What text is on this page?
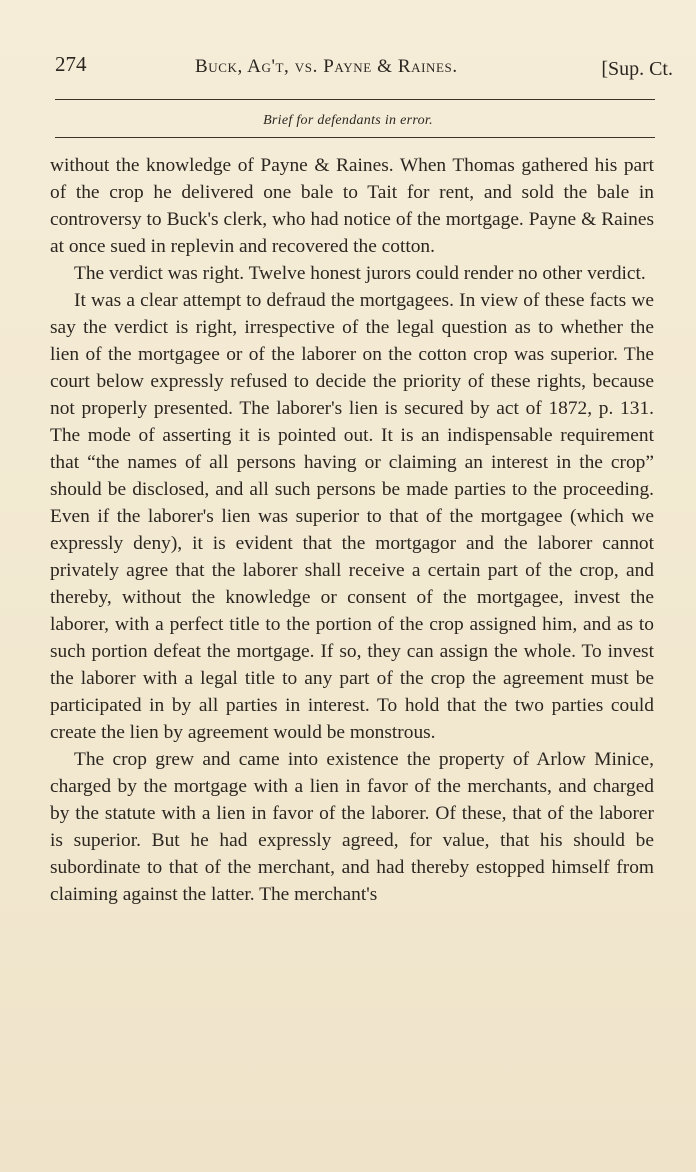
274	Buck, Ag't, vs. Payne & Raines.	[Sup. Ct.
Brief for defendants in error.

without the knowledge of Payne & Raines. When Thomas gathered his part of the crop he delivered one bale to Tait for rent, and sold the bale in controversy to Buck's clerk, who had notice of the mortgage. Payne & Raines at once sued in replevin and recovered the cotton.

The verdict was right. Twelve honest jurors could render no other verdict.

It was a clear attempt to defraud the mortgagees. In view of these facts we say the verdict is right, irrespective of the legal question as to whether the lien of the mortgagee or of the laborer on the cotton crop was superior. The court below expressly refused to decide the priority of these rights, because not properly presented. The laborer's lien is secured by act of 1872, p. 131. The mode of asserting it is pointed out. It is an indispensable requirement that “the names of all persons having or claiming an interest in the crop” should be disclosed, and all such persons be made parties to the proceeding. Even if the laborer's lien was superior to that of the mortgagee (which we expressly deny), it is evident that the mortgagor and the laborer cannot privately agree that the laborer shall receive a certain part of the crop, and thereby, without the knowledge or consent of the mortgagee, invest the laborer, with a perfect title to the portion of the crop assigned him, and as to such portion defeat the mortgage. If so, they can assign the whole. To invest the laborer with a legal title to any part of the crop the agreement must be participated in by all parties in interest. To hold that the two parties could create the lien by agreement would be monstrous.

The crop grew and came into existence the property of Arlow Minice, charged by the mortgage with a lien in favor of the merchants, and charged by the statute with a lien in favor of the laborer. Of these, that of the laborer is superior. But he had expressly agreed, for value, that his should be subordinate to that of the merchant, and had thereby estopped himself from claiming against the latter. The merchant's
